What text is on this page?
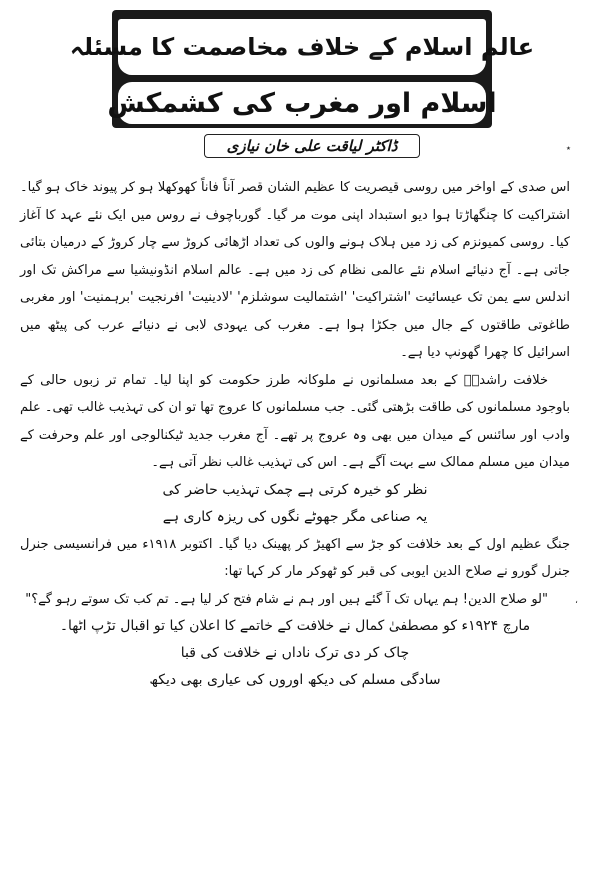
عالم اسلام کے خلاف مخاصمت کا مسئلہ
اسلام اور مغرب کی کشمکش
ڈاکٹر لیاقت علی خان نیازی	٭
،

اس صدی کے اواخر میں روسی قیصریت کا عظیم الشان قصر آناً فاناً کھوکھلا ہو کر پیوند خاک ہو گیا۔ اشتراکیت کا چنگھاڑتا ہوا دیو استبداد اپنی موت مر گیا۔ گورباچوف نے روس میں ایک نئے عہد کا آغاز کیا۔ روسی کمیونزم کی زد میں ہلاک ہونے والوں کی تعداد اڑھائی کروڑ سے چار کروڑ کے درمیان بتائی جاتی ہے۔ آج دنیائے اسلام نئے عالمی نظام کی زد میں ہے۔ عالم اسلام انڈونیشیا سے مراکش تک اور اندلس سے یمن تک عیسائیت 'اشتراکیت' 'اشتمالیت سوشلزم' 'لادینیت' افرنجیت 'برہمنیت' اور مغربی طاغوتی طاقتوں کے جال میں جکڑا ہوا ہے۔ مغرب کی یہودی لابی نے دنیائے عرب کی پیٹھ میں اسرائیل کا چھرا گھونپ دیا ہے۔

خلافت راشدہؓ کے بعد مسلمانوں نے ملوکانہ طرز حکومت کو اپنا لیا۔ تمام تر زبوں حالی کے باوجود مسلمانوں کی طاقت بڑھتی گئی۔ جب مسلمانوں کا عروج تھا تو ان کی تہذیب غالب تھی۔ علم وادب اور سائنس کے میدان میں بھی وہ عروج پر تھے۔ آج مغرب جدید ٹیکنالوجی اور علم وحرفت کے میدان میں مسلم ممالک سے بہت آگے ہے۔ اس کی تہذیب غالب نظر آتی ہے۔

نظر کو خیرہ کرتی ہے چمک تہذیب حاضر کی

یہ صناعی مگر جھوٹے نگوں کی ریزہ کاری ہے

جنگ عظیم اول کے بعد خلافت کو جڑ سے اکھیڑ کر پھینک دیا گیا۔ اکتوبر ۱۹۱۸ء میں فرانسیسی جنرل جنرل گورو نے صلاح الدین ایوبی کی قبر کو ٹھوکر مار کر کہا تھا:

"لو صلاح الدین! ہم یہاں تک آ گئے ہیں اور ہم نے شام فتح کر لیا ہے۔ تم کب تک سوتے رہو گے؟"

مارچ ۱۹۲۴ء کو مصطفیٰ کمال نے خلافت کے خاتمے کا اعلان کیا تو اقبال تڑپ اٹھا۔

چاک کر دی ترک ناداں نے خلافت کی قبا

سادگی مسلم کی دیکھ اوروں کی عیاری بھی دیکھ
